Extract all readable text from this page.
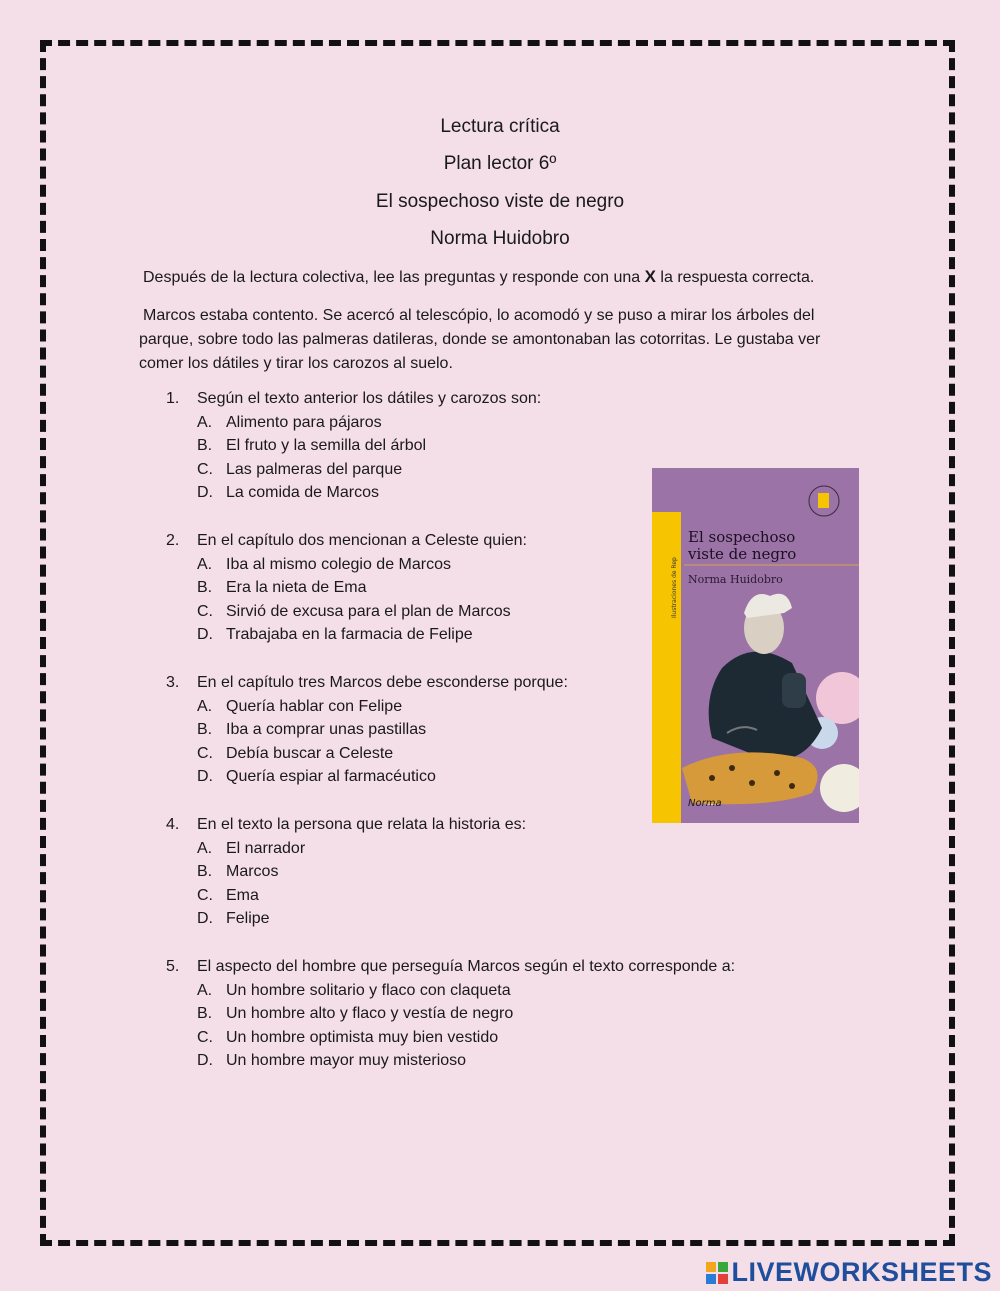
Lectura crítica
Plan lector 6º
El sospechoso viste de negro
Norma Huidobro
Después de la lectura colectiva, lee las preguntas y responde con una X la respuesta correcta.
Marcos estaba contento. Se acercó al telescópio, lo acomodó y se puso a mirar los árboles del
parque, sobre todo las palmeras datileras, donde se amontonaban las cotorritas. Le gustaba ver
comer los dátiles y tirar los carozos al suelo.
1. Según el texto anterior los dátiles y carozos son:
A. Alimento para pájaros
B. El fruto y la semilla del árbol
C. Las palmeras del parque
D. La comida de Marcos
2. En el capítulo dos mencionan a Celeste quien:
A. Iba al mismo colegio de Marcos
B. Era la nieta de Ema
C. Sirvió de excusa para el plan de Marcos
D. Trabajaba en la farmacia de Felipe
3. En el capítulo tres Marcos debe esconderse porque:
A. Quería hablar con Felipe
B. Iba a comprar unas pastillas
C. Debía buscar a Celeste
D. Quería espiar al farmacéutico
4. En el texto la persona que relata la historia es:
A. El narrador
B. Marcos
C. Ema
D. Felipe
5. El aspecto del hombre que perseguía Marcos según el texto corresponde a:
A. Un hombre solitario y flaco con claqueta
B. Un hombre alto y flaco y vestía de negro
C. Un hombre optimista muy bien vestido
D. Un hombre mayor muy misterioso
Ilustraciones de Rep
El sospechoso
viste de negro
Norma Huidobro
Norma
LIVEWORKSHEETS
